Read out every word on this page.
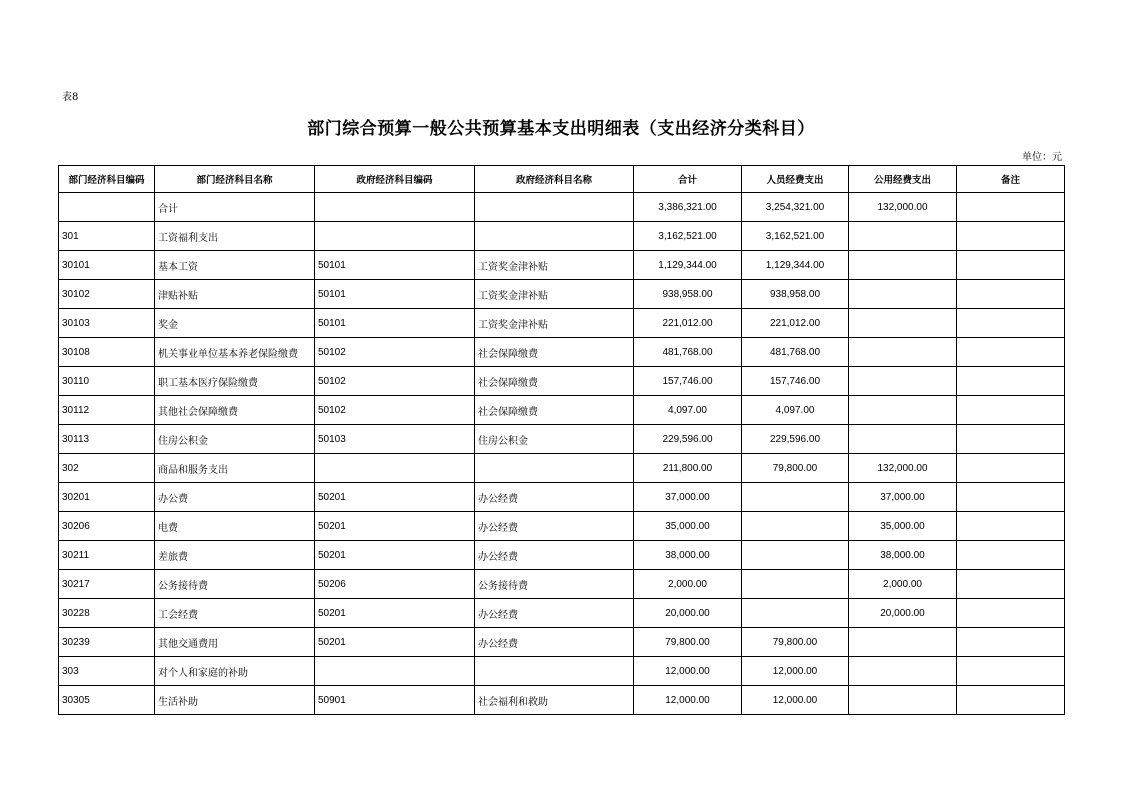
表8
部门综合预算一般公共预算基本支出明细表（支出经济分类科目）
单位：元
部门经济科目编码	部门经济科目名称	政府经济科目编码	政府经济科目名称	合计	人员经费支出	公用经费支出	备注
	合计			3,386,321.00	3,254,321.00	132,000.00	
301	工资福利支出			3,162,521.00	3,162,521.00		
30101	基本工资	50101	工资奖金津补贴	1,129,344.00	1,129,344.00		
30102	津贴补贴	50101	工资奖金津补贴	938,958.00	938,958.00		
30103	奖金	50101	工资奖金津补贴	221,012.00	221,012.00		
30108	机关事业单位基本养老保险缴费	50102	社会保障缴费	481,768.00	481,768.00		
30110	职工基本医疗保险缴费	50102	社会保障缴费	157,746.00	157,746.00		
30112	其他社会保障缴费	50102	社会保障缴费	4,097.00	4,097.00		
30113	住房公积金	50103	住房公积金	229,596.00	229,596.00		
302	商品和服务支出			211,800.00	79,800.00	132,000.00	
30201	办公费	50201	办公经费	37,000.00		37,000.00	
30206	电费	50201	办公经费	35,000.00		35,000.00	
30211	差旅费	50201	办公经费	38,000.00		38,000.00	
30217	公务接待费	50206	公务接待费	2,000.00		2,000.00	
30228	工会经费	50201	办公经费	20,000.00		20,000.00	
30239	其他交通费用	50201	办公经费	79,800.00	79,800.00		
303	对个人和家庭的补助			12,000.00	12,000.00		
30305	生活补助	50901	社会福利和救助	12,000.00	12,000.00		
